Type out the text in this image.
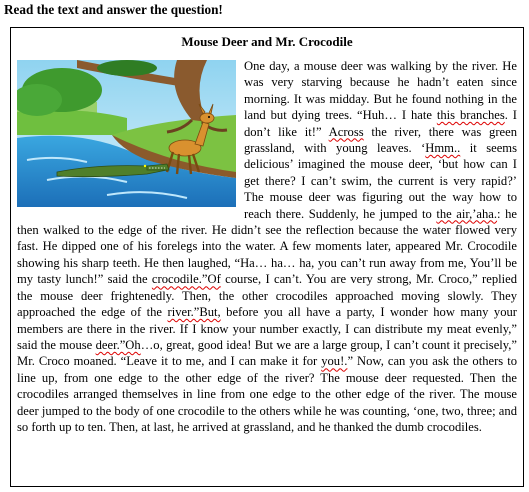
Read the text and answer the question!
Mouse Deer and Mr. Crocodile
One day, a mouse deer was walking by the river. He was very starving because he hadn’t eaten since morning. It was midday. But he found nothing in the land but dying trees. “Huh… I hate this branches. I don’t like it!” Across the river, there was green grassland, with young leaves. ‘Hmm.. it seems delicious’ imagined the mouse deer, ‘but how can I get there? I can’t swim, the current is very rapid?’ The mouse deer was figuring out the way how to reach there. Suddenly, he jumped to the air,’aha.: he then walked to the edge of the river. He didn’t see the reflection because the water flowed very fast. He dipped one of his forelegs into the water. A few moments later, appeared Mr. Crocodile showing his sharp teeth. He then laughed, “Ha… ha… ha, you can’t run away from me, You’ll be my tasty lunch!” said the crocodile.”Of course, I can’t. You are very strong, Mr. Croco,” replied the mouse deer frightenedly. Then, the other crocodiles approached moving slowly. They approached the edge of the river.”But, before you all have a party, I wonder how many your members are there in the river. If I know your number exactly, I can distribute my meat evenly,” said the mouse deer.”Oh…o, great, good idea! But we are a large group, I can’t count it precisely,” Mr. Croco moaned. “Leave it to me, and I can make it for you!.” Now, can you ask the others to line up, from one edge to the other edge of the river? The mouse deer requested. Then the crocodiles arranged themselves in line from one edge to the other edge of the river. The mouse deer jumped to the body of one crocodile to the others while he was counting, ‘one, two, three; and so forth up to ten. Then, at last, he arrived at grassland, and he thanked the dumb crocodiles.
